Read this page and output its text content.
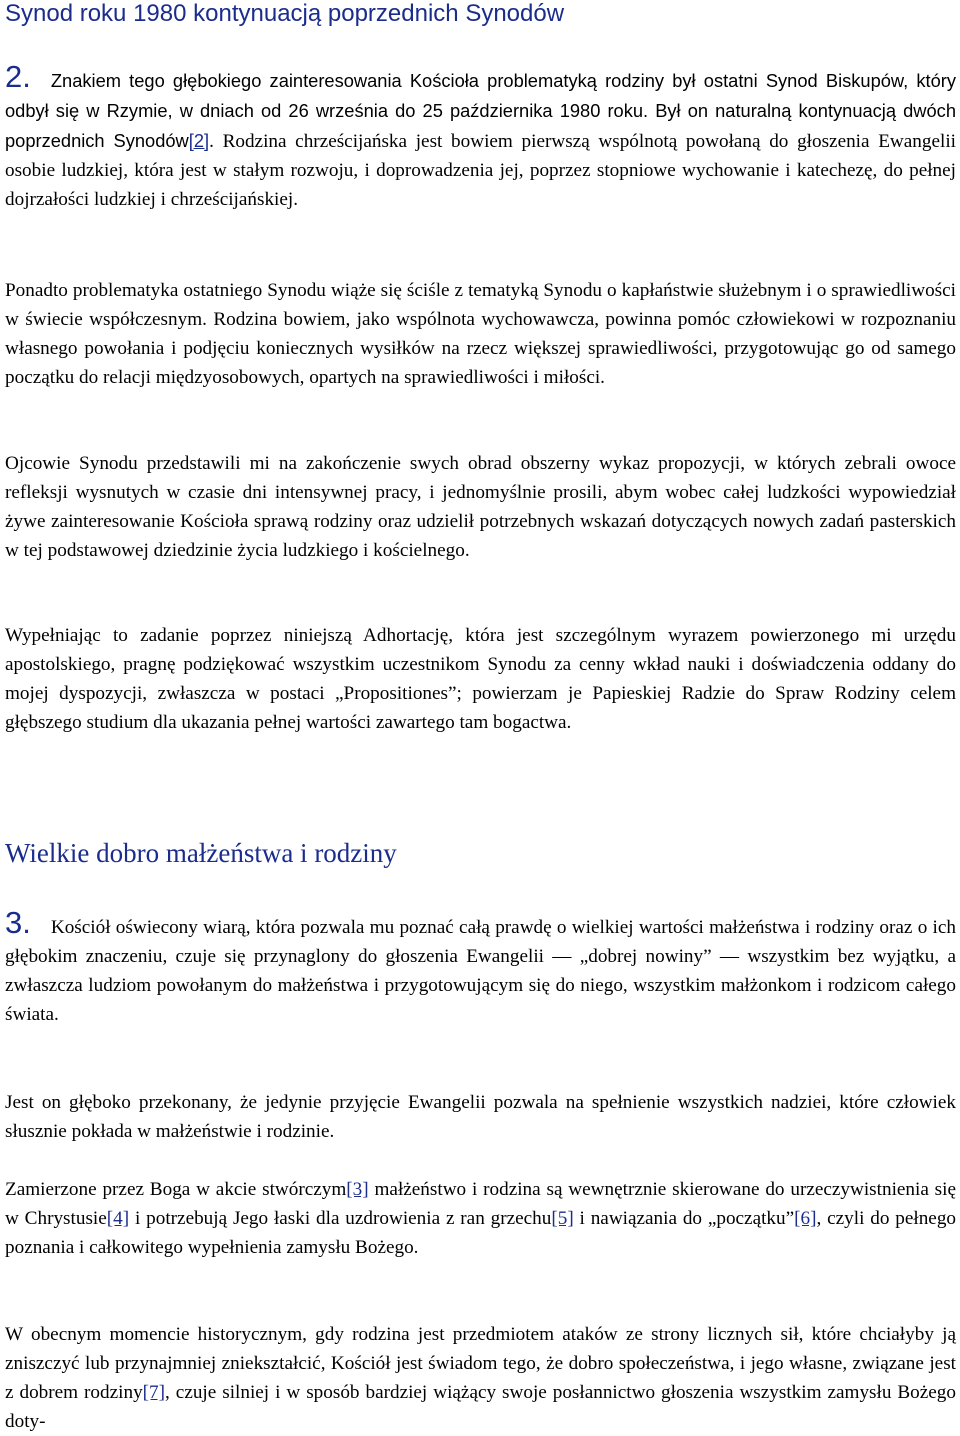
Synod roku 1980 kontynuacją poprzednich Synodów

2. Znakiem tego głębokiego zainteresowania Kościoła problematyką rodziny był ostatni Synod Biskupów, który odbył się w Rzymie, w dniach od 26 września do 25 października 1980 roku. Był on naturalną kontynuacją dwóch poprzednich Synodów[2]. Rodzina chrześcijańska jest bowiem pierwszą wspólnotą powołaną do głoszenia Ewangelii osobie ludzkiej, która jest w stałym rozwoju, i doprowadzenia jej, poprzez stopniowe wychowanie i katechezę, do pełnej dojrzałości ludzkiej i chrześcijańskiej.

Ponadto problematyka ostatniego Synodu wiąże się ściśle z tematyką Synodu o kapłaństwie służebnym i o sprawiedliwości w świecie współczesnym. Rodzina bowiem, jako wspólnota wychowawcza, powinna pomóc człowiekowi w rozpoznaniu własnego powołania i podjęciu koniecznych wysiłków na rzecz większej sprawiedliwości, przygotowując go od samego początku do relacji międzyosobowych, opartych na sprawiedliwości i miłości.

Ojcowie Synodu przedstawili mi na zakończenie swych obrad obszerny wykaz propozycji, w których zebrali owoce refleksji wysnutych w czasie dni intensywnej pracy, i jednomyślnie prosili, abym wobec całej ludzkości wypowiedział żywe zainteresowanie Kościoła sprawą rodziny oraz udzielił potrzebnych wskazań dotyczących nowych zadań pasterskich w tej podstawowej dziedzinie życia ludzkiego i kościelnego.

Wypełniając to zadanie poprzez niniejszą Adhortację, która jest szczególnym wyrazem powierzonego mi urzędu apostolskiego, pragnę podziękować wszystkim uczestnikom Synodu za cenny wkład nauki i doświadczenia oddany do mojej dyspozycji, zwłaszcza w postaci „Propositiones”; powierzam je Papieskiej Radzie do Spraw Rodziny celem głębszego studium dla ukazania pełnej wartości zawartego tam bogactwa.

Wielkie dobro małżeństwa i rodziny

3. Kościół oświecony wiarą, która pozwala mu poznać całą prawdę o wielkiej wartości małżeństwa i rodziny oraz o ich głębokim znaczeniu, czuje się przynaglony do głoszenia Ewangelii — „dobrej nowiny” — wszystkim bez wyjątku, a zwłaszcza ludziom powołanym do małżeństwa i przygotowującym się do niego, wszystkim małżonkom i rodzicom całego świata.

Jest on głęboko przekonany, że jedynie przyjęcie Ewangelii pozwala na spełnienie wszystkich nadziei, które człowiek słusznie pokłada w małżeństwie i rodzinie.

Zamierzone przez Boga w akcie stwórczym[3] małżeństwo i rodzina są wewnętrznie skierowane do urzeczywistnienia się w Chrystusie[4] i potrzebują Jego łaski dla uzdrowienia z ran grzechu[5] i nawiązania do „początku”[6], czyli do pełnego poznania i całkowitego wypełnienia zamysłu Bożego.

W obecnym momencie historycznym, gdy rodzina jest przedmiotem ataków ze strony licznych sił, które chciałyby ją zniszczyć lub przynajmniej zniekształcić, Kościół jest świadom tego, że dobro społeczeństwa, i jego własne, związane jest z dobrem rodziny[7], czuje silniej i w sposób bardziej wiążący swoje posłannictwo głoszenia wszystkim zamysłu Bożego doty-
